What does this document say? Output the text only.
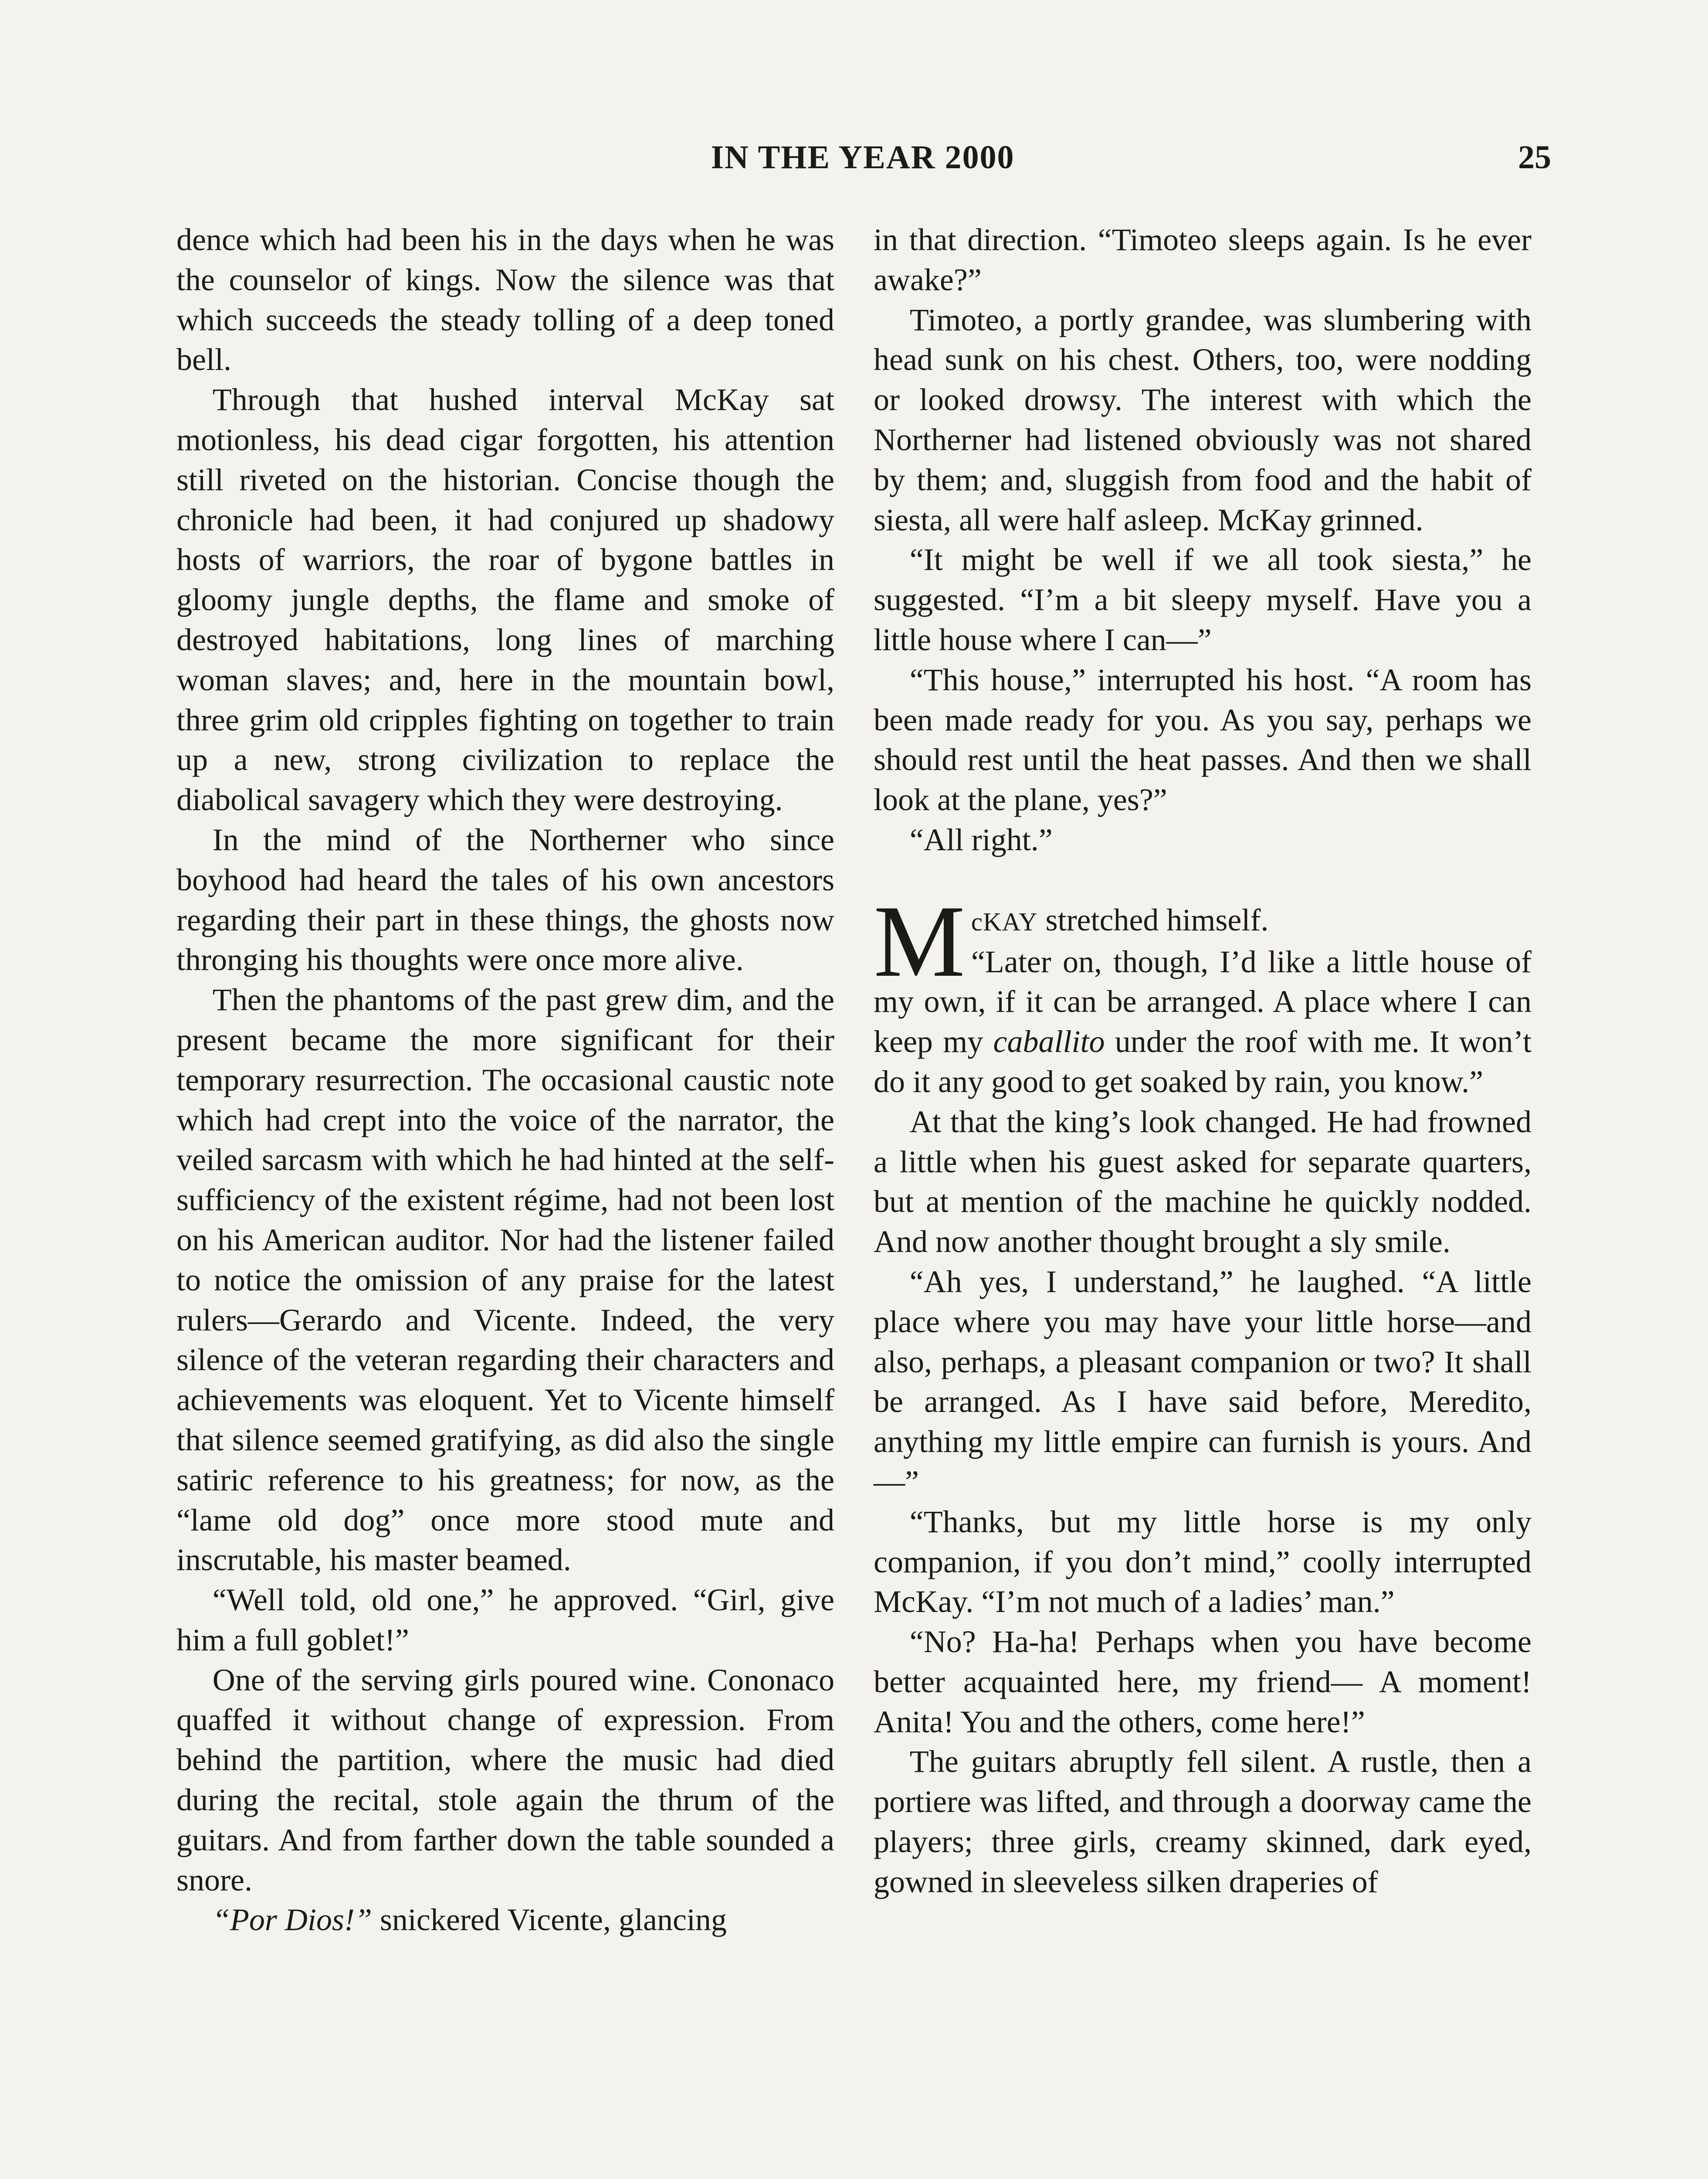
IN THE YEAR 2000	25

dence which had been his in the days when he was the counselor of kings. Now the silence was that which succeeds the steady tolling of a deep toned bell.

Through that hushed interval McKay sat motionless, his dead cigar forgotten, his attention still riveted on the historian. Concise though the chronicle had been, it had conjured up shadowy hosts of warriors, the roar of bygone battles in gloomy jungle depths, the flame and smoke of destroyed habitations, long lines of marching woman slaves; and, here in the mountain bowl, three grim old cripples fighting on together to train up a new, strong civilization to replace the diabolical savagery which they were destroying.

In the mind of the Northerner who since boyhood had heard the tales of his own ancestors regarding their part in these things, the ghosts now thronging his thoughts were once more alive.

Then the phantoms of the past grew dim, and the present became the more significant for their temporary resurrection. The occasional caustic note which had crept into the voice of the narrator, the veiled sarcasm with which he had hinted at the self-sufficiency of the existent régime, had not been lost on his American auditor. Nor had the listener failed to notice the omission of any praise for the latest rulers—Gerardo and Vicente. Indeed, the very silence of the veteran regarding their characters and achievements was eloquent. Yet to Vicente himself that silence seemed gratifying, as did also the single satiric reference to his greatness; for now, as the “lame old dog” once more stood mute and inscrutable, his master beamed.

“Well told, old one,” he approved. “Girl, give him a full goblet!”

One of the serving girls poured wine. Cononaco quaffed it without change of expression. From behind the partition, where the music had died during the recital, stole again the thrum of the guitars. And from farther down the table sounded a snore.

“Por Dios!” snickered Vicente, glancing

in that direction. “Timoteo sleeps again. Is he ever awake?”

Timoteo, a portly grandee, was slumbering with head sunk on his chest. Others, too, were nodding or looked drowsy. The interest with which the Northerner had listened obviously was not shared by them; and, sluggish from food and the habit of siesta, all were half asleep. McKay grinned.

“It might be well if we all took siesta,” he suggested. “I’m a bit sleepy myself. Have you a little house where I can—”

“This house,” interrupted his host. “A room has been made ready for you. As you say, perhaps we should rest until the heat passes. And then we shall look at the plane, yes?”

“All right.”

McKAY stretched himself.
“Later on, though, I’d like a little house of my own, if it can be arranged. A place where I can keep my caballito under the roof with me. It won’t do it any good to get soaked by rain, you know.”

At that the king’s look changed. He had frowned a little when his guest asked for separate quarters, but at mention of the machine he quickly nodded. And now another thought brought a sly smile.

“Ah yes, I understand,” he laughed. “A little place where you may have your little horse—and also, perhaps, a pleasant companion or two? It shall be arranged. As I have said before, Meredito, anything my little empire can furnish is yours. And—”

“Thanks, but my little horse is my only companion, if you don’t mind,” coolly interrupted McKay. “I’m not much of a ladies’ man.”

“No? Ha-ha! Perhaps when you have become better acquainted here, my friend— A moment! Anita! You and the others, come here!”

The guitars abruptly fell silent. A rustle, then a portiere was lifted, and through a doorway came the players; three girls, creamy skinned, dark eyed, gowned in sleeveless silken draperies of
